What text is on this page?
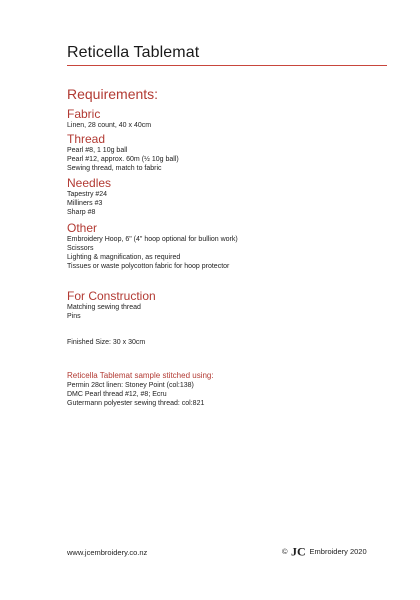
Reticella Tablemat
Requirements:
Fabric
Linen, 28 count, 40 x 40cm
Thread
Pearl #8, 1 10g ball
Pearl #12, approx. 60m (½ 10g ball)
Sewing thread, match to fabric
Needles
Tapestry #24
Milliners #3
Sharp #8
Other
Embroidery Hoop, 6" (4" hoop optional for bullion work)
Scissors
Lighting & magnification, as required
Tissues or waste polycotton fabric for hoop protector
For Construction
Matching sewing thread
Pins
Finished Size: 30 x 30cm
Reticella Tablemat sample stitched using:
Permin 28ct linen: Stoney Point (col:138)
DMC Pearl thread #12, #8; Ecru
Gutermann polyester sewing thread: col:821
www.jcembroidery.co.nz	© J C Embroidery 2020
